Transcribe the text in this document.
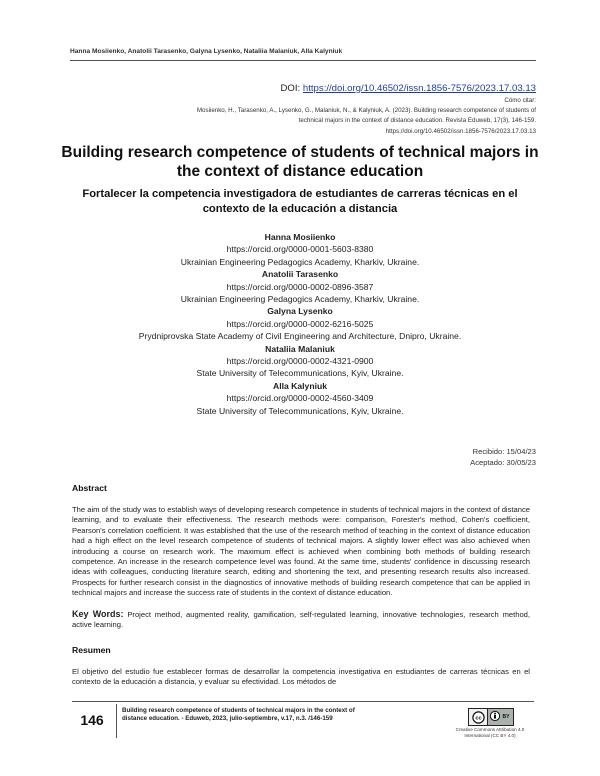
Hanna Mosiienko, Anatolii Tarasenko, Galyna Lysenko, Nataliia Malaniuk, Alla Kalyniuk
DOI: https://doi.org/10.46502/issn.1856-7576/2023.17.03.13
Cómo citar:
Mosiienko, H., Tarasenko, A., Lysenko, G., Malaniuk, N., & Kalyniuk, A. (2023). Building research competence of students of
technical majors in the context of distance education. Revista Eduweb, 17(3), 146-159.
https://doi.org/10.46502/issn.1856-7576/2023.17.03.13
Building research competence of students of technical majors in the context of distance education
Fortalecer la competencia investigadora de estudiantes de carreras técnicas en el contexto de la educación a distancia
Hanna Mosiienko
https://orcid.org/0000-0001-5603-8380
Ukrainian Engineering Pedagogics Academy, Kharkiv, Ukraine.
Anatolii Tarasenko
https://orcid.org/0000-0002-0896-3587
Ukrainian Engineering Pedagogics Academy, Kharkiv, Ukraine.
Galyna Lysenko
https://orcid.org/0000-0002-6216-5025
Prydniprovska State Academy of Civil Engineering and Architecture, Dnipro, Ukraine.
Nataliia Malaniuk
https://orcid.org/0000-0002-4321-0900
State University of Telecommunications, Kyiv, Ukraine.
Alla Kalyniuk
https://orcid.org/0000-0002-4560-3409
State University of Telecommunications, Kyiv, Ukraine.
Recibido: 15/04/23
Aceptado: 30/05/23
Abstract
The aim of the study was to establish ways of developing research competence in students of technical majors in the context of distance learning, and to evaluate their effectiveness. The research methods were: comparison, Forester's method, Cohen's coefficient, Pearson's correlation coefficient. It was established that the use of the research method of teaching in the context of distance education had a high effect on the level research competence of students of technical majors. A slightly lower effect was also achieved when introducing a course on research work. The maximum effect is achieved when combining both methods of building research competence. An increase in the research competence level was found. At the same time, students' confidence in discussing research ideas with colleagues, conducting literature search, editing and shortening the text, and presenting research results also increased. Prospects for further research consist in the diagnostics of innovative methods of building research competence that can be applied in technical majors and increase the success rate of students in the context of distance education.
Key Words: Project method, augmented reality, gamification, self-regulated learning, innovative technologies, research method, active learning.
Resumen
El objetivo del estudio fue establecer formas de desarrollar la competencia investigativa en estudiantes de carreras técnicas en el contexto de la educación a distancia, y evaluar su efectividad. Los métodos de
146
Building research competence of students of technical majors in the context of
distance education. - Eduweb, 2023, julio-septiembre, v.17, n.3. /146-159	cc	BY
Creative Commons Attribution 4.0
International (CC BY 4.0)
